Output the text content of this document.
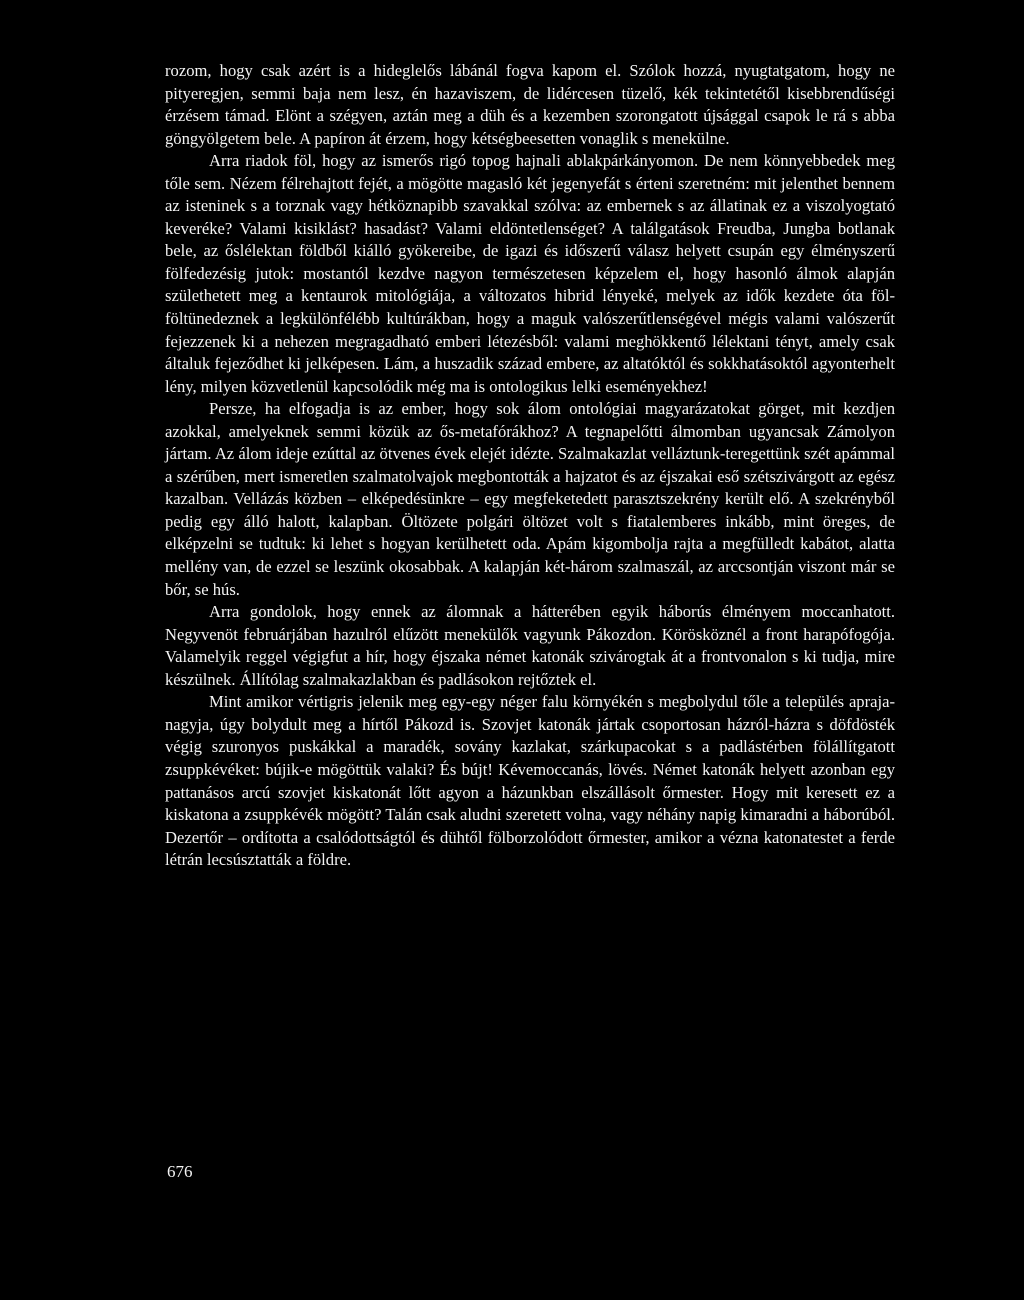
rozom, hogy csak azért is a hideglelős lábánál fogva kapom el. Szólok hozzá, nyugtatgatom, hogy ne pityeregjen, semmi baja nem lesz, én hazaviszem, de lidércesen tüzelő, kék tekintetétől kisebbrendűségi érzésem támad. Elönt a szégyen, aztán meg a düh és a kezemben szorongatott újsággal csapok le rá s abba göngyölgetem bele. A papíron át érzem, hogy kétségbeesetten vonaglik s menekülne.

Arra riadok föl, hogy az ismerős rigó topog hajnali ablakpárkányomon. De nem könnyebbedek meg tőle sem. Nézem félrehajtott fejét, a mögötte magasló két jegenyefát s érteni szeretném: mit jelenthet bennem az isteninek s a torznak vagy hétköznapibb szavakkal szólva: az embernek s az állatinak ez a viszolyogtató keveréke? Valami kisiklást? hasadást? Valami eldöntetlenséget? A találgatások Freudba, Jungba botlanak bele, az őslélektan földből kiálló gyökereibe, de igazi és időszerű válasz helyett csupán egy élményszerű fölfedezésig jutok: mostantól kezdve nagyon természetesen képzelem el, hogy hasonló álmok alapján születhetett meg a kentaurok mitológiája, a változatos hibrid lényeké, melyek az idők kezdete óta föl-föltünedeznek a legkülönfélébb kultúrákban, hogy a maguk valószerűtlenségével mégis valami valószerűt fejezzenek ki a nehezen megragadható emberi létezésből: valami meghökkentő lélektani tényt, amely csak általuk fejeződhet ki jelképesen. Lám, a huszadik század embere, az altatóktól és sokkhatásoktól agyonterhelt lény, milyen közvetlenül kapcsolódik még ma is ontologikus lelki eseményekhez!

Persze, ha elfogadja is az ember, hogy sok álom ontológiai magyarázatokat görget, mit kezdjen azokkal, amelyeknek semmi közük az ős-metafórákhoz? A tegnapelőtti álmomban ugyancsak Zámolyon jártam. Az álom ideje ezúttal az ötvenes évek elejét idézte. Szalmakazlat velláztunk-teregettünk szét apámmal a szérűben, mert ismeretlen szalmatolvajok megbontották a hajzatot és az éjszakai eső szétszivárgott az egész kazalban. Vellázás közben – elképedésünkre – egy megfeketedett parasztszekrény került elő. A szekrényből pedig egy álló halott, kalapban. Öltözete polgári öltözet volt s fiatalemberes inkább, mint öreges, de elképzelni se tudtuk: ki lehet s hogyan kerülhetett oda. Apám kigombolja rajta a megfülledt kabátot, alatta mellény van, de ezzel se leszünk okosabbak. A kalapján két-három szalmaszál, az arccsontján viszont már se bőr, se hús.

Arra gondolok, hogy ennek az álomnak a hátterében egyik háborús élményem moccanhatott. Negyvenöt februárjában hazulról elűzött menekülők vagyunk Pákozdon. Körösköznél a front harapófogója. Valamelyik reggel végigfut a hír, hogy éjszaka német katonák szivárogtak át a frontvonalon s ki tudja, mire készülnek. Állítólag szalmakazlakban és padlásokon rejtőztek el.

Mint amikor vértigris jelenik meg egy-egy néger falu környékén s megbolydul tőle a település apraja-nagyja, úgy bolydult meg a hírtől Pákozd is. Szovjet katonák jártak csoportosan házról-házra s döfdösték végig szuronyos puskákkal a maradék, sovány kazlakat, szárkupacokat s a padlástérben fölállítgatott zsuppkévéket: bújik-e mögöttük valaki? És bújt! Kévemoccanás, lövés. Német katonák helyett azonban egy pattanásos arcú szovjet kiskatonát lőtt agyon a házunkban elszállásolt őrmester. Hogy mit keresett ez a kiskatona a zsuppkévék mögött? Talán csak aludni szeretett volna, vagy néhány napig kimaradni a háborúból. Dezertőr – ordította a csalódottságtól és dühtől fölborzolódott őrmester, amikor a vézna katonatestet a ferde létrán lecsúsztatták a földre.

676
